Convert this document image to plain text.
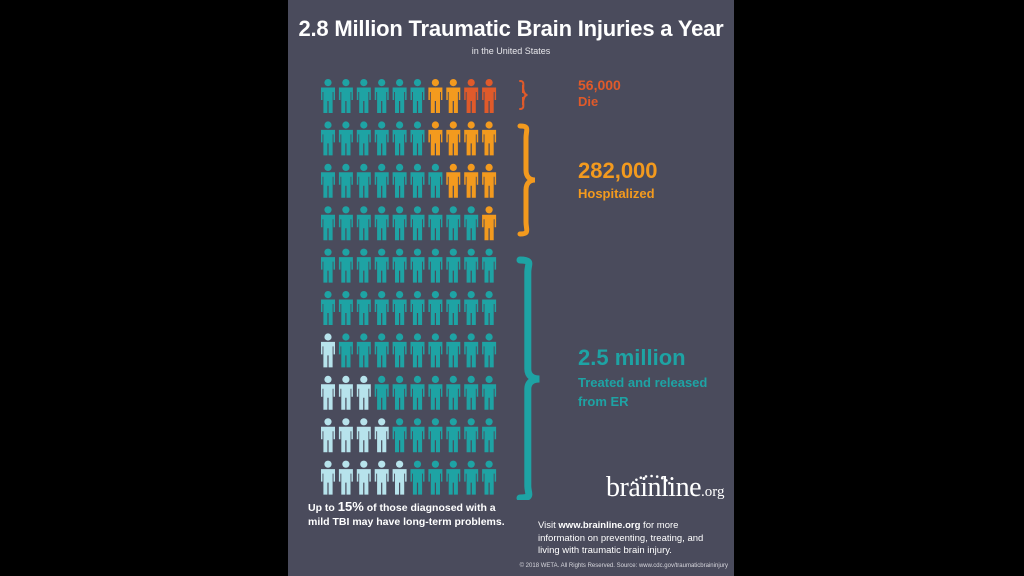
2.8 Million Traumatic Brain Injuries a Year
in the United States
56,000
Die
282,000
Hospitalized
2.5 million
Treated and released from ER
Up to 15% of those diagnosed with a mild TBI may have long-term problems.
brainline.org
Visit www.brainline.org for more information on preventing, treating, and living with traumatic brain injury.
© 2018 WETA. All Rights Reserved. Source: www.cdc.gov/traumaticbraininjury
